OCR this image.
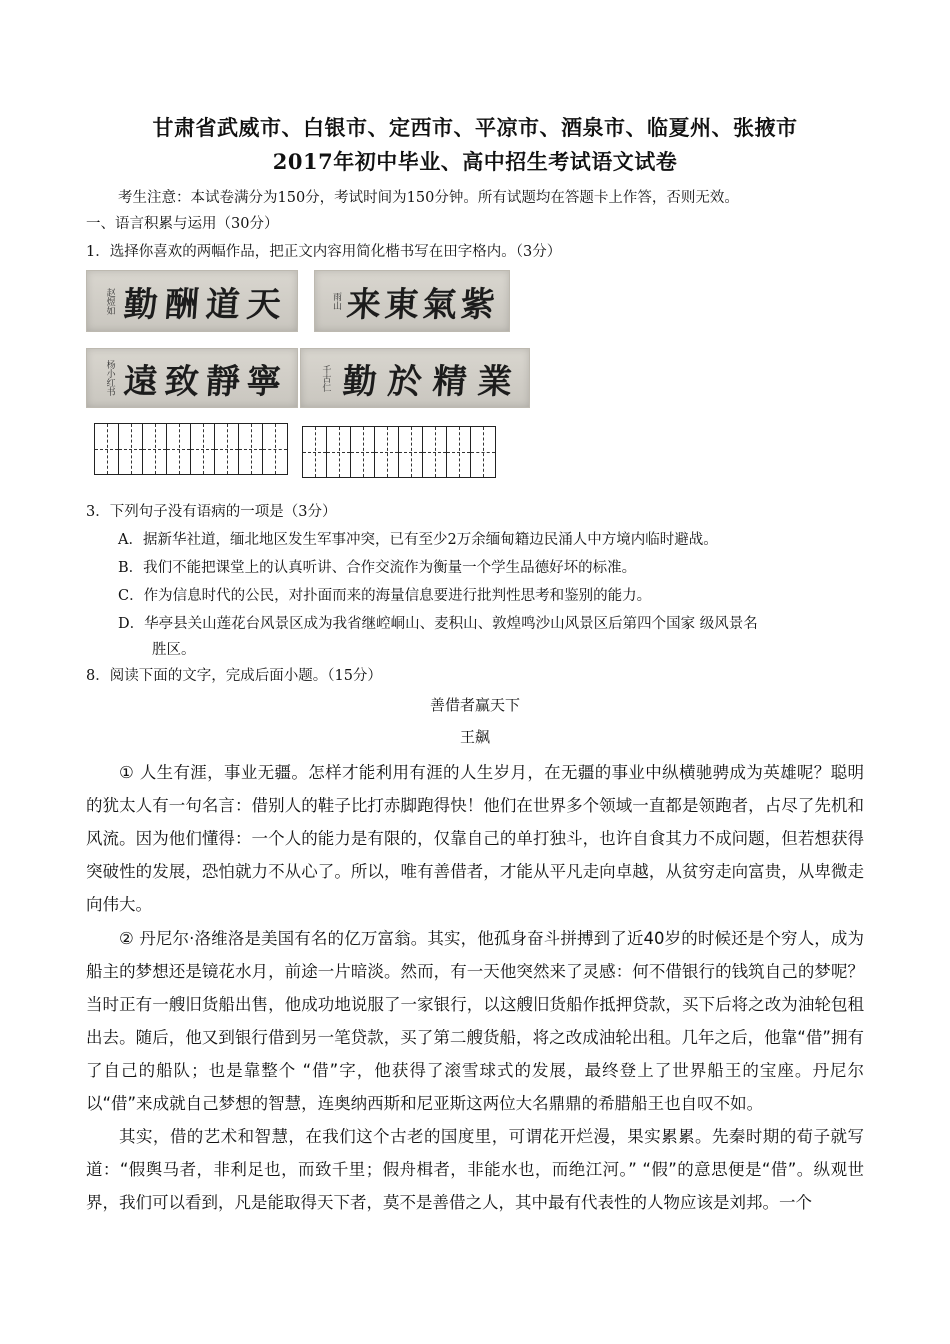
甘肃省武威市、白银市、定西市、平凉市、酒泉市、临夏州、张掖市
2017年初中毕业、高中招生考试语文试卷
考生注意：本试卷满分为150分，考试时间为150分钟。所有试题均在答题卡上作答，否则无效。
一、语言积累与运用（30分）
1．选择你喜欢的两幅作品，把正文内容用简化楷书写在田字格内。（3分）
赵煜如 勤 酬 道 天	雨山 来 東 氣 紫
杨小红书 遠 致 靜 寧	千古仁 勤 於 精 業
3．下列句子没有语病的一项是（3分）
A．据新华社道，缅北地区发生军事冲突，已有至少2万余缅甸籍边民涌人中方境内临时避战。
B．我们不能把课堂上的认真听讲、合作交流作为衡量一个学生品德好坏的标准。
C．作为信息时代的公民，对扑面而来的海量信息要进行批判性思考和鉴别的能力。
D．华亭县关山莲花台风景区成为我省继崆峒山、麦积山、敦煌鸣沙山风景区后第四个国家 级风景名
胜区。
8．阅读下面的文字，完成后面小题。（15分）
善借者赢天下
王飙

① 人生有涯，事业无疆。怎样才能利用有涯的人生岁月，在无疆的事业中纵横驰骋成为英雄呢？聪明的犹太人有一句名言：借别人的鞋子比打赤脚跑得快！他们在世界多个领域一直都是领跑者，占尽了先机和风流。因为他们懂得：一个人的能力是有限的，仅靠自己的单打独斗，也许自食其力不成问题，但若想获得突破性的发展，恐怕就力不从心了。所以，唯有善借者，才能从平凡走向卓越，从贫穷走向富贵，从卑微走向伟大。

② 丹尼尔·洛维洛是美国有名的亿万富翁。其实，他孤身奋斗拼搏到了近40岁的时候还是个穷人，成为船主的梦想还是镜花水月，前途一片暗淡。然而，有一天他突然来了灵感：何不借银行的钱筑自己的梦呢？当时正有一艘旧货船出售，他成功地说服了一家银行，以这艘旧货船作抵押贷款，买下后将之改为油轮包租出去。随后，他又到银行借到另一笔贷款，买了第二艘货船，将之改成油轮出租。几年之后，他靠“借”拥有了自己的船队；也是靠整个 “借”字，他获得了滚雪球式的发展，最终登上了世界船王的宝座。丹尼尔以“借”来成就自己梦想的智慧，连奥纳西斯和尼亚斯这两位大名鼎鼎的希腊船王也自叹不如。

其实，借的艺术和智慧，在我们这个古老的国度里，可谓花开烂漫，果实累累。先秦时期的荀子就写道：“假舆马者，非利足也，而致千里；假舟楫者，非能水也，而绝江河。” “假”的意思便是“借”。纵观世界，我们可以看到，凡是能取得天下者，莫不是善借之人，其中最有代表性的人物应该是刘邦。一个
